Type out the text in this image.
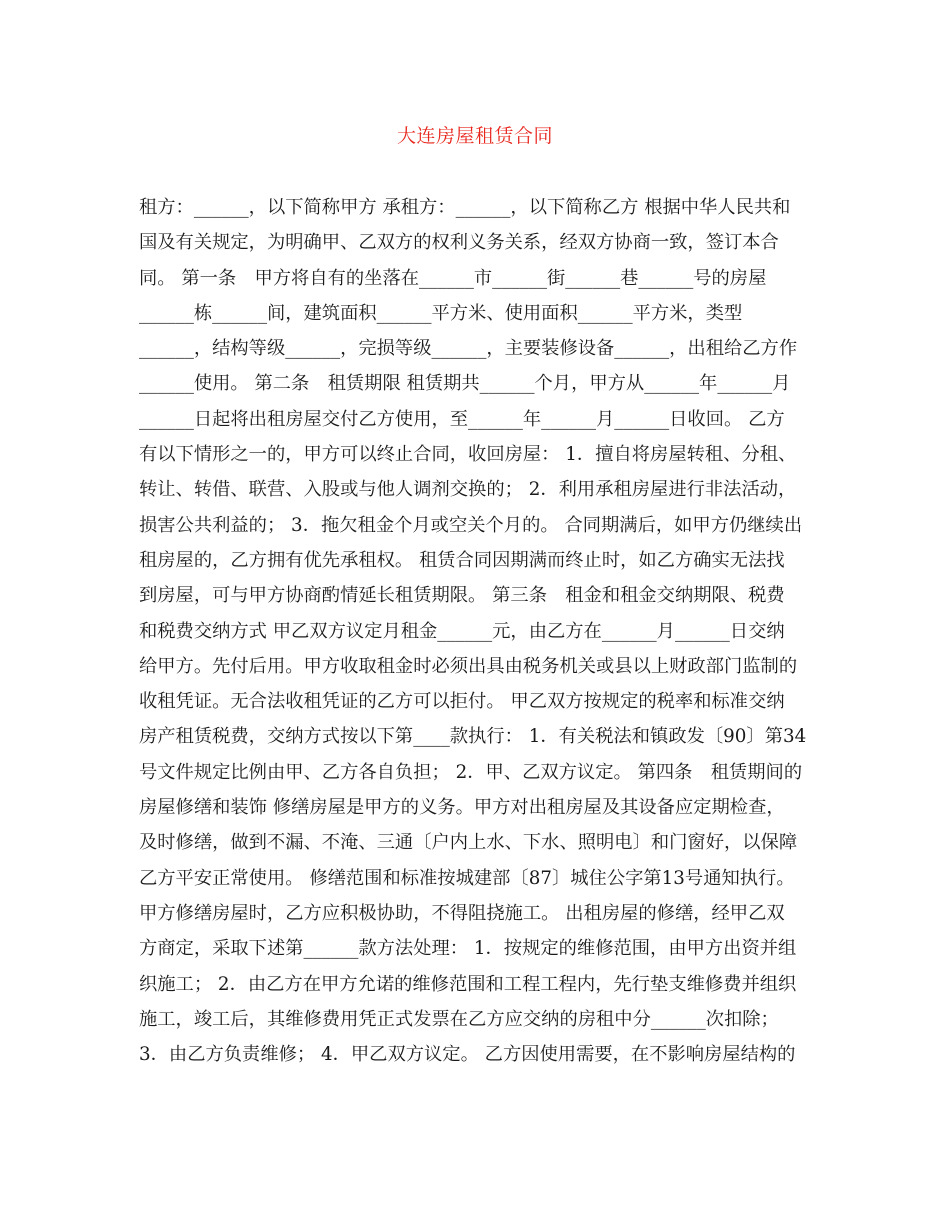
大连房屋租赁合同
租方：______，以下简称甲方 承租方：______，以下简称乙方 根据中华人民共和
国及有关规定，为明确甲、乙双方的权利义务关系，经双方协商一致，签订本合
同。 第一条　甲方将自有的坐落在______市______街______巷______号的房屋
______栋______间，建筑面积______平方米、使用面积______平方米，类型
______，结构等级______，完损等级______，主要装修设备______，出租给乙方作
______使用。 第二条　租赁期限 租赁期共______个月，甲方从______年______月
______日起将出租房屋交付乙方使用，至______年______月______日收回。 乙方
有以下情形之一的，甲方可以终止合同，收回房屋： 1．擅自将房屋转租、分租、
转让、转借、联营、入股或与他人调剂交换的； 2．利用承租房屋进行非法活动，
损害公共利益的； 3．拖欠租金个月或空关个月的。 合同期满后，如甲方仍继续出
租房屋的，乙方拥有优先承租权。 租赁合同因期满而终止时，如乙方确实无法找
到房屋，可与甲方协商酌情延长租赁期限。 第三条　租金和租金交纳期限、税费
和税费交纳方式 甲乙双方议定月租金______元，由乙方在______月______日交纳
给甲方。先付后用。甲方收取租金时必须出具由税务机关或县以上财政部门监制的
收租凭证。无合法收租凭证的乙方可以拒付。 甲乙双方按规定的税率和标准交纳
房产租赁税费，交纳方式按以下第____款执行： 1．有关税法和镇政发〔90〕第34
号文件规定比例由甲、乙方各自负担； 2．甲、乙双方议定。 第四条　租赁期间的
房屋修缮和装饰 修缮房屋是甲方的义务。甲方对出租房屋及其设备应定期检查，
及时修缮，做到不漏、不淹、三通〔户内上水、下水、照明电〕和门窗好，以保障
乙方平安正常使用。 修缮范围和标准按城建部〔87〕城住公字第13号通知执行。
甲方修缮房屋时，乙方应积极协助，不得阻挠施工。 出租房屋的修缮，经甲乙双
方商定，采取下述第______款方法处理： 1．按规定的维修范围，由甲方出资并组
织施工； 2．由乙方在甲方允诺的维修范围和工程工程内，先行垫支维修费并组织
施工，竣工后，其维修费用凭正式发票在乙方应交纳的房租中分______次扣除；
3．由乙方负责维修； 4．甲乙双方议定。 乙方因使用需要，在不影响房屋结构的
